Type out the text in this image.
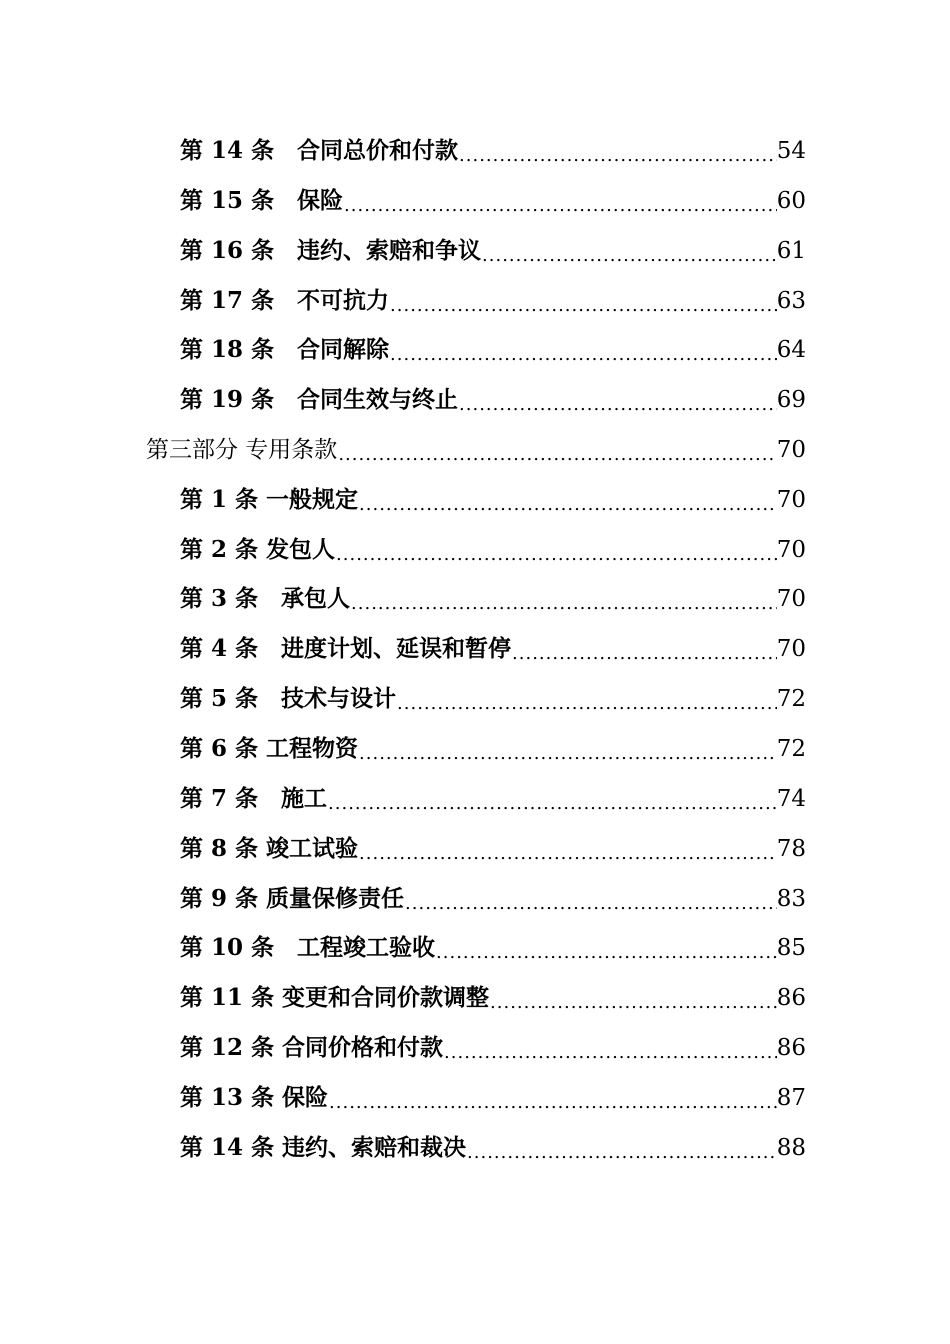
第 14 条　合同总价和付款 .....	54
第 15 条　保险 .....	60
第 16 条　违约、索赔和争议 .....	61
第 17 条　不可抗力 .....	63
第 18 条　合同解除 .....	64
第 19 条　合同生效与终止 .....	69
第三部分 专用条款 .....	70
第 1 条 一般规定 .....	70
第 2 条 发包人 .....	70
第 3 条　承包人 .....	70
第 4 条　进度计划、延误和暂停 .....	70
第 5 条　技术与设计 .....	72
第 6 条 工程物资 .....	72
第 7 条　施工 .....	74
第 8 条 竣工试验 .....	78
第 9 条 质量保修责任 .....	83
第 10 条　工程竣工验收 .....	85
第 11 条 变更和合同价款调整 .....	86
第 12 条 合同价格和付款 .....	86
第 13 条 保险 .....	87
第 14 条 违约、索赔和裁决 .....	88
